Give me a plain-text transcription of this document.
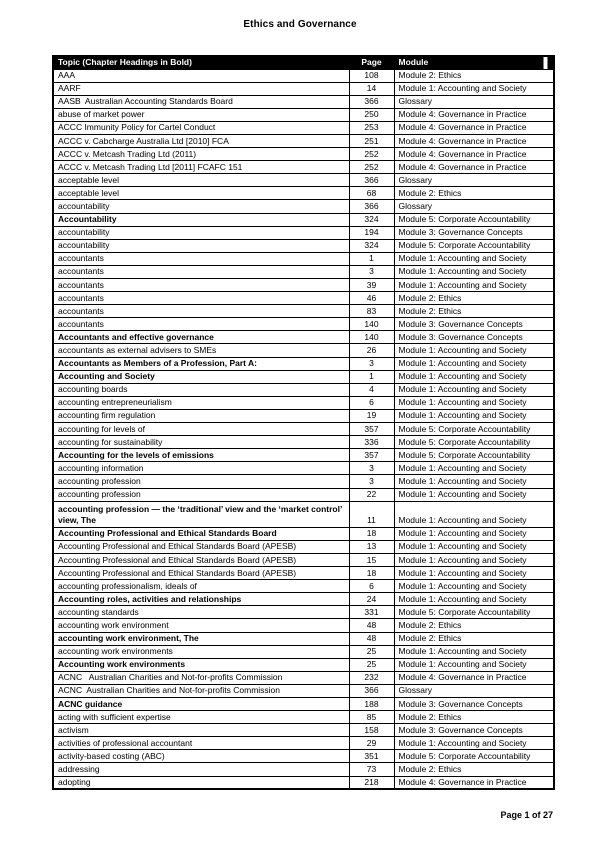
Ethics and Governance
Topic (Chapter Headings in Bold)	Page	Module
AAA	108	Module 2: Ethics
AARF	14	Module 1: Accounting and Society
AASB  Australian Accounting Standards Board	366	Glossary
abuse of market power	250	Module 4: Governance in Practice
ACCC Immunity Policy for Cartel Conduct	253	Module 4: Governance in Practice
ACCC v. Cabcharge Australia Ltd [2010] FCA	251	Module 4: Governance in Practice
ACCC v. Metcash Trading Ltd (2011)	252	Module 4: Governance in Practice
ACCC v. Metcash Trading Ltd [2011] FCAFC 151	252	Module 4: Governance in Practice
acceptable level	366	Glossary
acceptable level	68	Module 2: Ethics
accountability	366	Glossary
Accountability	324	Module 5: Corporate Accountability
accountability	194	Module 3: Governance Concepts
accountability	324	Module 5: Corporate Accountability
accountants	1	Module 1: Accounting and Society
accountants	3	Module 1: Accounting and Society
accountants	39	Module 1: Accounting and Society
accountants	46	Module 2: Ethics
accountants	83	Module 2: Ethics
accountants	140	Module 3: Governance Concepts
Accountants and effective governance	140	Module 3: Governance Concepts
accountants as external advisers to SMEs	26	Module 1: Accounting and Society
Accountants as Members of a Profession, Part A:	3	Module 1: Accounting and Society
Accounting and Society	1	Module 1: Accounting and Society
accounting boards	4	Module 1: Accounting and Society
accounting entrepreneurialism	6	Module 1: Accounting and Society
accounting firm regulation	19	Module 1: Accounting and Society
accounting for levels of	357	Module 5: Corporate Accountability
accounting for sustainability	336	Module 5: Corporate Accountability
Accounting for the levels of emissions	357	Module 5: Corporate Accountability
accounting information	3	Module 1: Accounting and Society
accounting profession	3	Module 1: Accounting and Society
accounting profession	22	Module 1: Accounting and Society
accounting profession — the ‘traditional’ view and the ‘market control’ view, The	11	Module 1: Accounting and Society
Accounting Professional and Ethical Standards Board	18	Module 1: Accounting and Society
Accounting Professional and Ethical Standards Board (APESB)	13	Module 1: Accounting and Society
Accounting Professional and Ethical Standards Board (APESB)	15	Module 1: Accounting and Society
Accounting Professional and Ethical Standards Board (APESB)	18	Module 1: Accounting and Society
accounting professionalism, ideals of	6	Module 1: Accounting and Society
Accounting roles, activities and relationships	24	Module 1: Accounting and Society
accounting standards	331	Module 5: Corporate Accountability
accounting work environment	48	Module 2: Ethics
accounting work environment, The	48	Module 2: Ethics
accounting work environments	25	Module 1: Accounting and Society
Accounting work environments	25	Module 1: Accounting and Society
ACNC   Australian Charities and Not-for-profits Commission	232	Module 4: Governance in Practice
ACNC  Australian Charities and Not-for-profits Commission	366	Glossary
ACNC guidance	188	Module 3: Governance Concepts
acting with sufficient expertise	85	Module 2: Ethics
activism	158	Module 3: Governance Concepts
activities of professional accountant	29	Module 1: Accounting and Society
activity-based costing (ABC)	351	Module 5: Corporate Accountability
addressing	73	Module 2: Ethics
adopting	218	Module 4: Governance in Practice
Page 1 of 27
